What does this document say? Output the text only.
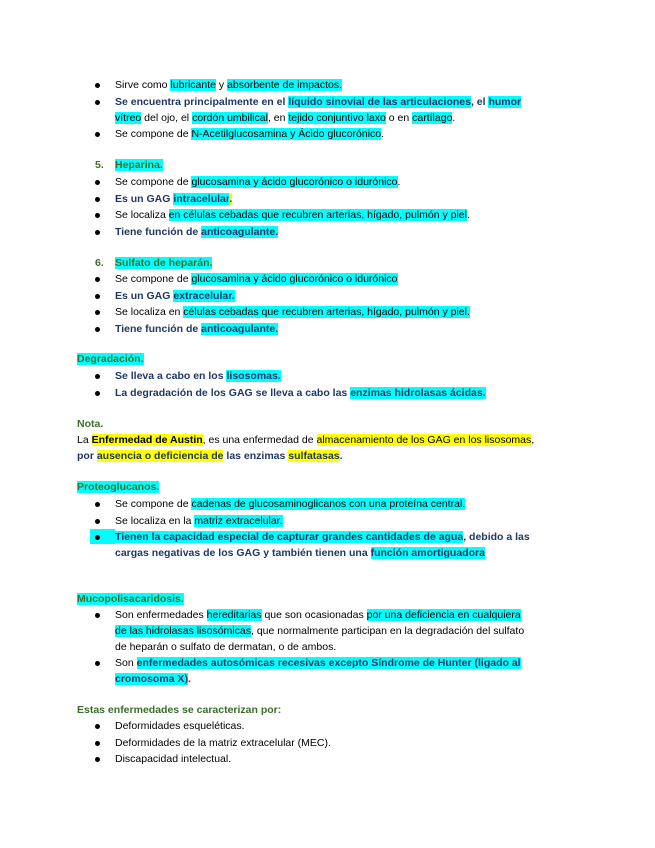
Sirve como lubricante y absorbente de impactos.
Se encuentra principalmente en el líquido sinovial de las articulaciones, el humor
vítreo del ojo, el cordón umbilical, en tejido conjuntivo laxo o en cartílago.
Se compone de N-Acetilglucosamina y Ácido glucorónico.
5. Heparina.
Se compone de glucosamina y ácido glucorónico o idurónico.
Es un GAG intracelular.
Se localiza en células cebadas que recubren arterias, hígado, pulmón y piel.
Tiene función de anticoagulante.
6. Sulfato de heparán.
Se compone de glucosamina y ácido glucorónico o idurónico
Es un GAG extracelular.
Se localiza en células cebadas que recubren arterias, hígado, pulmón y piel.
Tiene función de anticoagulante.
Degradación.
Se lleva a cabo en los lisosomas.
La degradación de los GAG se lleva a cabo las enzimas hidrolasas ácidas.
Nota.
La Enfermedad de Austin, es una enfermedad de almacenamiento de los GAG en los lisosomas,
por ausencia o deficiencia de las enzimas sulfatasas.
Proteoglucanos.
Se compone de cadenas de glucosaminoglicanos con una proteína central.
Se localiza en la matriz extracelular.
Tienen la capacidad especial de capturar grandes cantidades de agua, debido a las
cargas negativas de los GAG y también tienen una función amortiguadora
Mucopolisacaridosis.
Son enfermedades hereditarias que son ocasionadas por una deficiencia en cualquiera
de las hidrolasas lisosómicas, que normalmente participan en la degradación del sulfato
de heparán o sulfato de dermatan, o de ambos.
Son enfermedades autosómicas recesivas excepto Síndrome de Hunter (ligado al
cromosoma X).
Estas enfermedades se caracterizan por:
Deformidades esqueléticas.
Deformidades de la matriz extracelular (MEC).
Discapacidad intelectual.
